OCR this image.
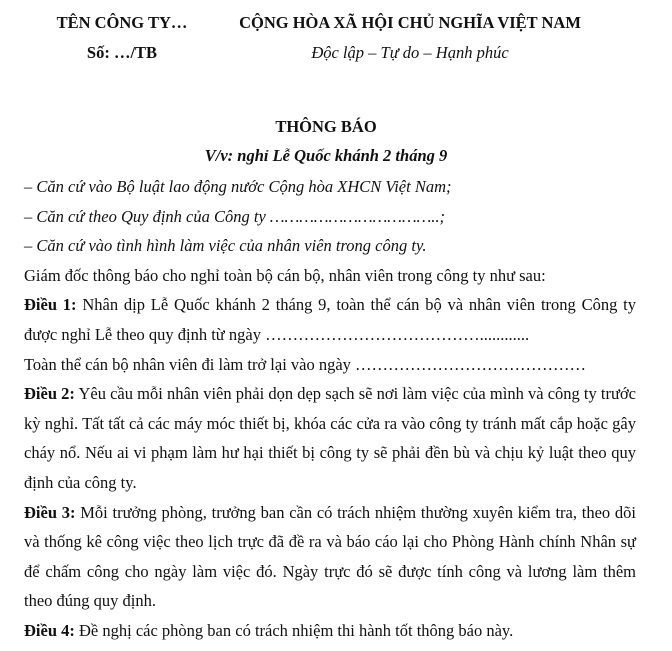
TÊN CÔNG TY…
Số: …/TB
CỘNG HÒA XÃ HỘI CHỦ NGHĨA VIỆT NAM
Độc lập – Tự do – Hạnh phúc
THÔNG BÁO
V/v: nghỉ Lễ Quốc khánh 2 tháng 9

– Căn cứ vào Bộ luật lao động nước Cộng hòa XHCN Việt Nam;

– Căn cứ theo Quy định của Công ty ……………………………..;

– Căn cứ vào tình hình làm việc của nhân viên trong công ty.

Giám đốc thông báo cho nghỉ toàn bộ cán bộ, nhân viên trong công ty như sau:

Điều 1: Nhân dịp Lễ Quốc khánh 2 tháng 9, toàn thể cán bộ và nhân viên trong Công ty được nghỉ Lễ theo quy định từ ngày …………………………………............

Toàn thể cán bộ nhân viên đi làm trở lại vào ngày ……………………………………

Điều 2: Yêu cầu mỗi nhân viên phải dọn dẹp sạch sẽ nơi làm việc của mình và công ty trước kỳ nghỉ. Tất tất cả các máy móc thiết bị, khóa các cửa ra vào công ty tránh mất cắp hoặc gây cháy nổ. Nếu ai vi phạm làm hư hại thiết bị công ty sẽ phải đền bù và chịu kỷ luật theo quy định của công ty.

Điều 3: Mỗi trưởng phòng, trưởng ban cần có trách nhiệm thường xuyên kiểm tra, theo dõi và thống kê công việc theo lịch trực đã đề ra và báo cáo lại cho Phòng Hành chính Nhân sự để chấm công cho ngày làm việc đó. Ngày trực đó sẽ được tính công và lương làm thêm theo đúng quy định.

Điều 4: Đề nghị các phòng ban có trách nhiệm thi hành tốt thông báo này.
